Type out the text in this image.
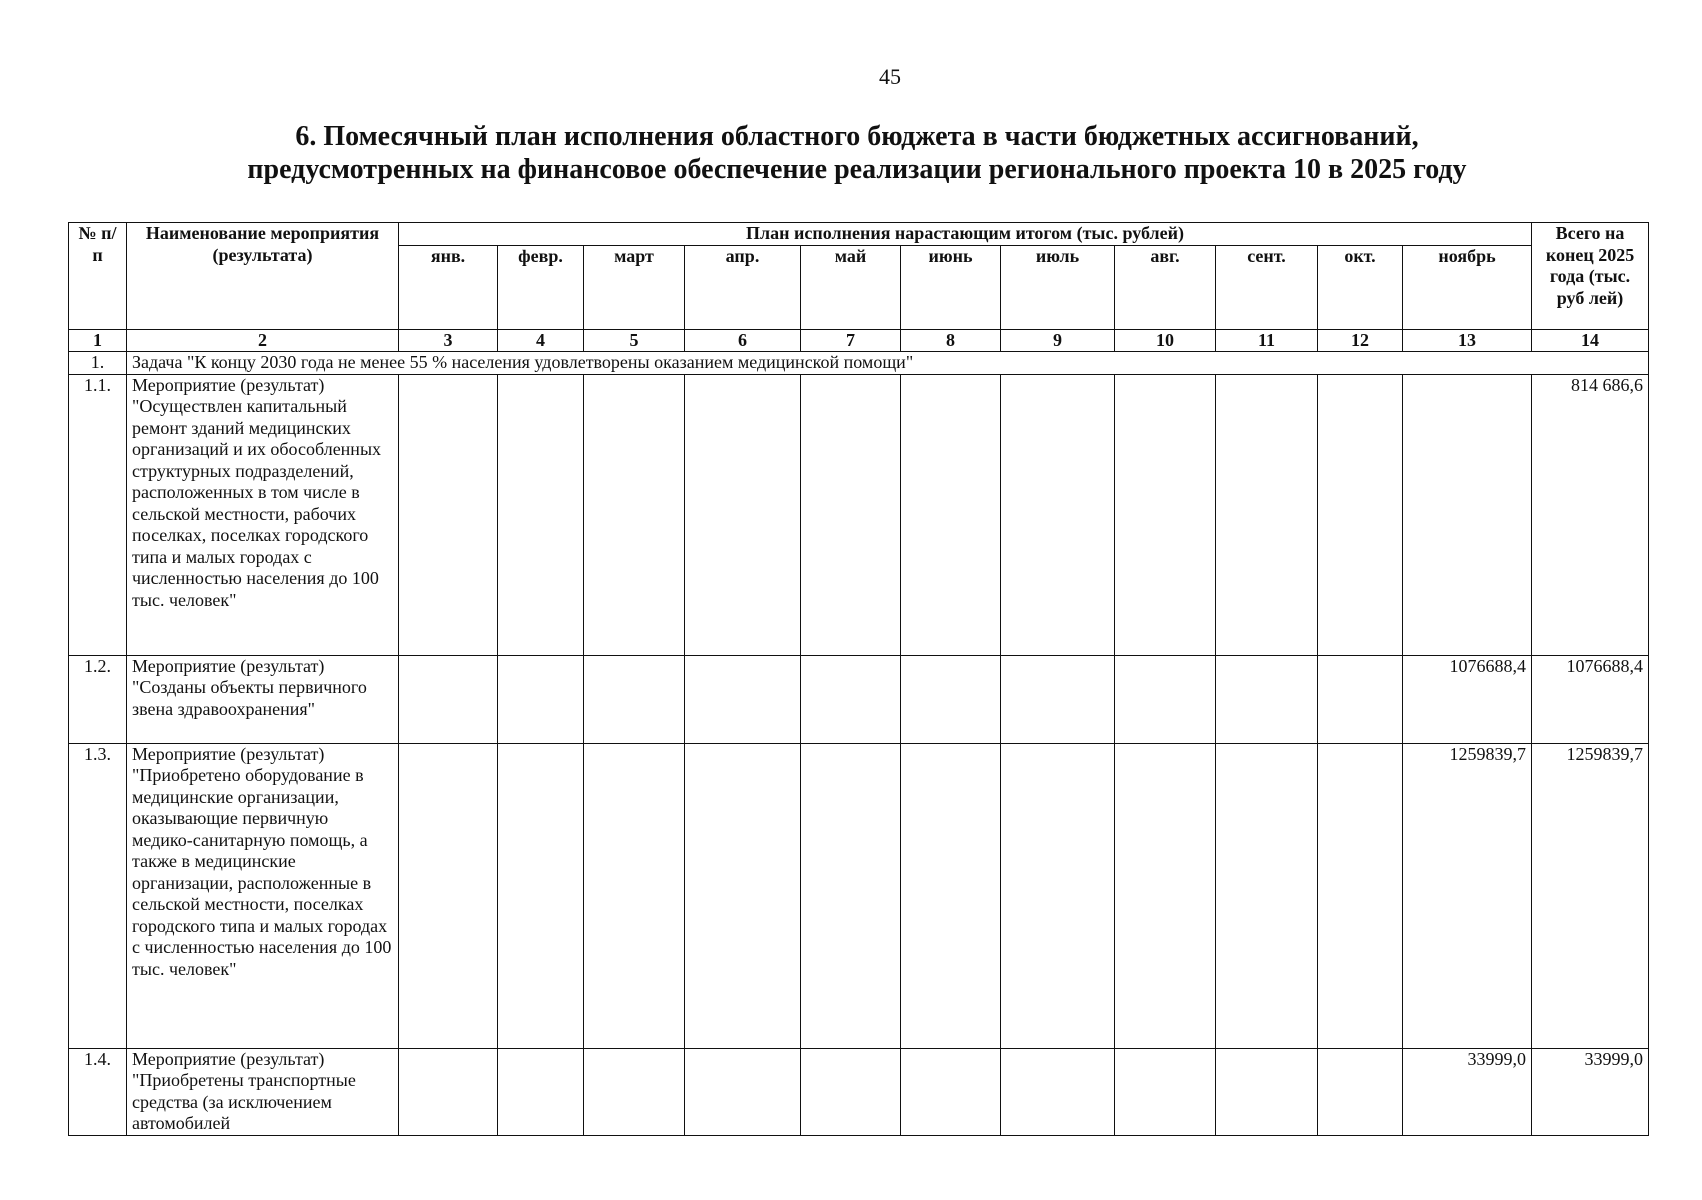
45
6. Помесячный план исполнения областного бюджета в части бюджетных ассигнований,
предусмотренных на финансовое обеспечение реализации регионального проекта 10 в 2025 году
№ п/п	Наименование мероприятия (результата)	План исполнения нарастающим итогом (тыс. рублей)											Всего на конец 2025 года (тыс. руб лей)
		янв.	февр.	март	апр.	май	июнь	июль	авг.	сент.	окт.	ноябрь	
1	2	3	4	5	6	7	8	9	10	11	12	13	14
1.	Задача "К концу 2030 года не менее 55 % населения удовлетворены оказанием медицинской помощи"												
1.1.	Мероприятие (результат) "Осуществлен капитальный ремонт зданий медицинских организаций и их обособленных структурных подразделений, расположенных в том числе в сельской местности, рабочих поселках, поселках городского типа и малых городах с численностью населения до 100 тыс. человек"												814 686,6
1.2.	Мероприятие (результат) "Созданы объекты первичного звена здравоохранения"											1076688,4	1076688,4
1.3.	Мероприятие (результат) "Приобретено оборудование в медицинские организации, оказывающие первичную медико-санитарную помощь, а также в медицинские организации, расположенные в сельской местности, поселках городского типа и малых городах с численностью населения до 100 тыс. человек"											1259839,7	1259839,7
1.4.	Мероприятие (результат) "Приобретены транспортные средства (за исключением автомобилей											33999,0	33999,0
